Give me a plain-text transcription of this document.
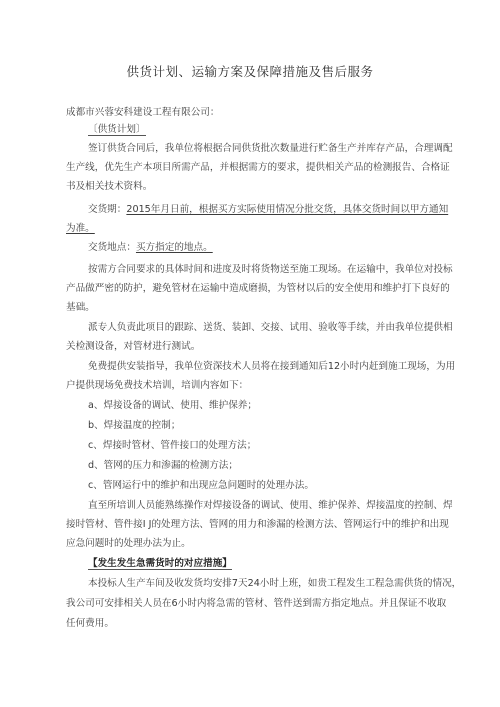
供货计划、运输方案及保障措施及售后服务
成都市兴蓉安科建设工程有限公司：
〔供货计划〕
签订供货合同后，我单位将根据合同供货批次数量进行贮备生产并库存产品，合理调配
生产线，优先生产本项目所需产品，并根据需方的要求，提供相关产品的检测报告、合格证
书及相关技术资料。
交货期：2015年月日前，根据买方实际使用情况分批交货，具体交货时间以甲方通知
为准。
交货地点：买方指定的地点。
按需方合同要求的具体时间和进度及时将货物送至施工现场。在运输中，我单位对投标
产品做严密的防护，避免管材在运输中造成磨损，为管材以后的安全使用和维护打下良好的
基础。
派专人负责此项目的跟踪、送货、装卸、交接、试用、验收等手续，并由我单位提供相
关检测设备，对管材进行测试。
免费提供安装指导，我单位资深技术人员将在接到通知后12小时内赶到施工现场，为用
户提供现场免费技术培训，培训内容如下：
a、焊接设备的调试、使用、维护保养；
b、焊接温度的控制；
c、焊接时管材、管件接口的处理方法；
d、管网的压力和渗漏的检测方法；
c、管网运行中的维护和出现应急问题时的处理办法。
直至所培训人员能熟练操作对焊接设备的调试、使用、维护保养、焊接温度的控制、焊
接时管材、管件接I J的处理方法、管网的用力和渗漏的检测方法、管网运行中的维护和出现
应急问题时的处理办法为止。
【发生发生急需货时的对应措施】
本投标人生产车间及收发货均安排7天24小时上班，如贵工程发生工程急需供货的情况，
我公司可安排相关人员在6小时内将急需的管材、管件送到需方指定地点。并且保证不收取
任何费用。
